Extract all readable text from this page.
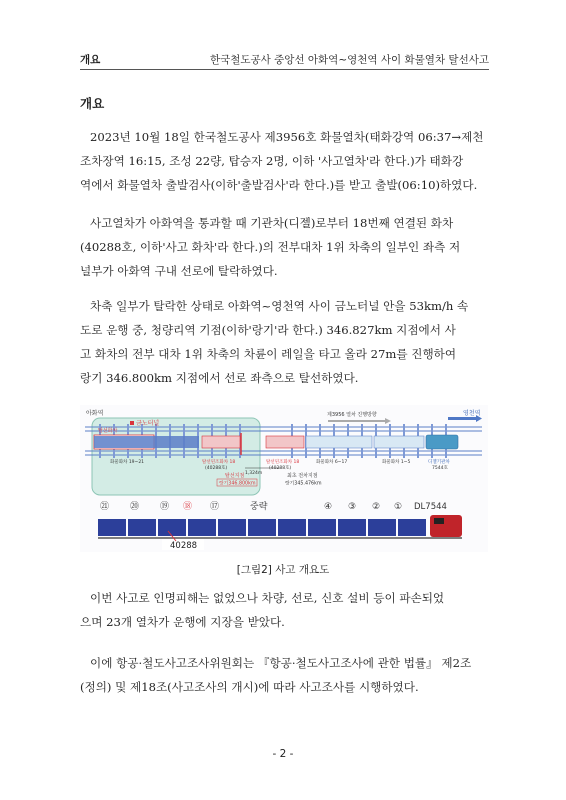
개요	한국철도공사 중앙선 아화역~영천역 사이 화물열차 탈선사고
개요
2023년 10월 18일 한국철도공사 제3956호 화물열차(태화강역 06:37→제천
조차장역 16:15, 조성 22량, 탑승자 2명, 이하 '사고열차'라 한다.)가 태화강
역에서 화물열차 출발검사(이하'출발검사'라 한다.)를 받고 출발(06:10)하였다.
사고열차가 아화역을 통과할 때 기관차(디젤)로부터 18번째 연결된 화차
(40288호, 이하'사고 화차'라 한다.)의 전부대차 1위 차축의 일부인 좌측 저
널부가 아화역 구내 선로에 탈락하였다.
차축 일부가 탈락한 상태로 아화역~영천역 사이 금노터널 안을 53km/h 속
도로 운행 중, 청량리역 기점(이하'랑기'라 한다.) 346.827km 지점에서 사
고 화차의 전부 대차 1위 차축의 차륜이 레일을 타고 올라 27m를 진행하여
랑기 346.800km 지점에서 선로 좌측으로 탈선하였다.
아화역	영천역
금노터널
제3956 열차 진행방향
탈선화차
화물화차 19~21	탈선된조화차 18
(40288호)
탈선된조화차 18
(40288호)
화물화차 6~17	화물화차 1~5	디젤기관차
7544호
1,324m
탈선지점
랑기346.800km
최초 전차지점
랑기345.476km
㉑ ⑳ ⑲ ⑱ ⑰	중략	④ ③ ② ① DL7544
40288
[그림2] 사고 개요도
이번 사고로 인명피해는 없었으나 차량, 선로, 신호 설비 등이 파손되었
으며 23개 열차가 운행에 지장을 받았다.
이에 항공·철도사고조사위원회는 『항공·철도사고조사에 관한 법률』 제2조
(정의) 및 제18조(사고조사의 개시)에 따라 사고조사를 시행하였다.
- 2 -
